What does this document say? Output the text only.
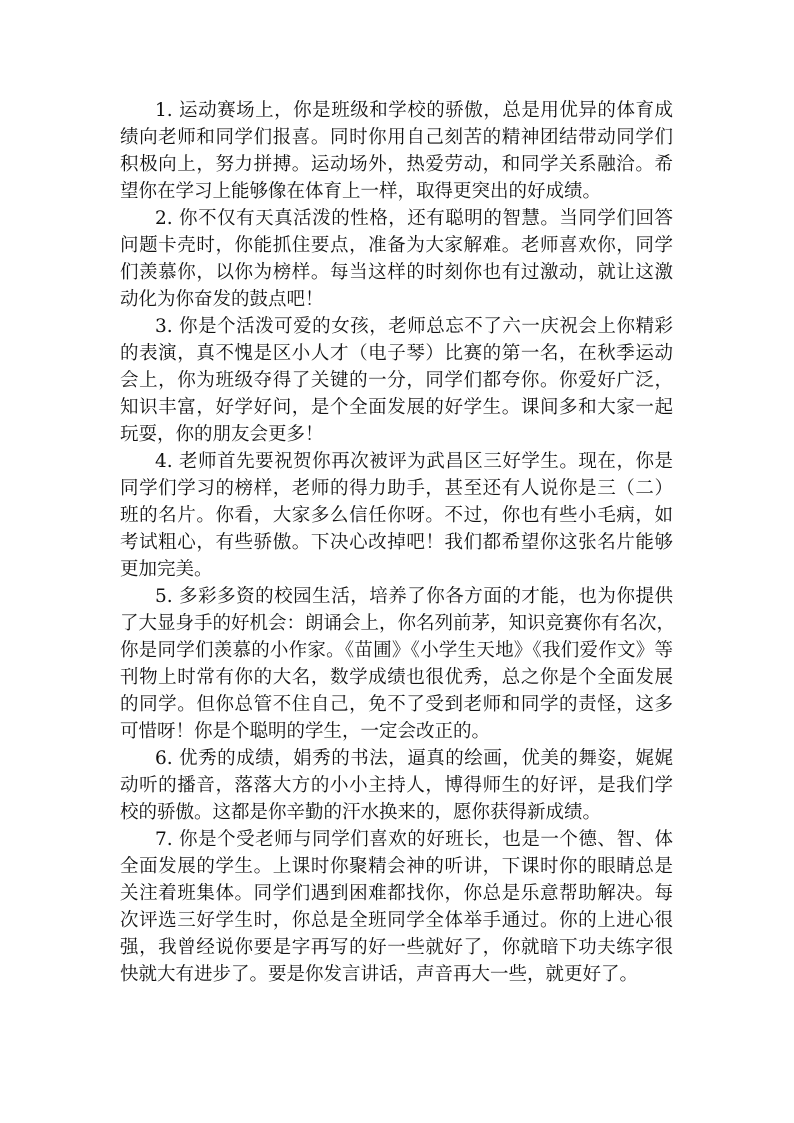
1. 运动赛场上，你是班级和学校的骄傲，总是用优异的体育成
绩向老师和同学们报喜。同时你用自己刻苦的精神团结带动同学们
积极向上，努力拼搏。运动场外，热爱劳动，和同学关系融洽。希
望你在学习上能够像在体育上一样，取得更突出的好成绩。
2. 你不仅有天真活泼的性格，还有聪明的智慧。当同学们回答
问题卡壳时，你能抓住要点，准备为大家解难。老师喜欢你，同学
们羡慕你，以你为榜样。每当这样的时刻你也有过激动，就让这激
动化为你奋发的鼓点吧！
3. 你是个活泼可爱的女孩，老师总忘不了六一庆祝会上你精彩
的表演，真不愧是区小人才（电子琴）比赛的第一名，在秋季运动
会上，你为班级夺得了关键的一分，同学们都夸你。你爱好广泛，
知识丰富，好学好问，是个全面发展的好学生。课间多和大家一起
玩耍，你的朋友会更多！
4. 老师首先要祝贺你再次被评为武昌区三好学生。现在，你是
同学们学习的榜样，老师的得力助手，甚至还有人说你是三（二）
班的名片。你看，大家多么信任你呀。不过，你也有些小毛病，如
考试粗心，有些骄傲。下决心改掉吧！我们都希望你这张名片能够
更加完美。
5. 多彩多资的校园生活，培养了你各方面的才能，也为你提供
了大显身手的好机会：朗诵会上，你名列前茅，知识竞赛你有名次，
你是同学们羡慕的小作家。《苗圃》《小学生天地》《我们爱作文》等
刊物上时常有你的大名，数学成绩也很优秀，总之你是个全面发展
的同学。但你总管不住自己，免不了受到老师和同学的责怪，这多
可惜呀！你是个聪明的学生，一定会改正的。
6. 优秀的成绩，娟秀的书法，逼真的绘画，优美的舞姿，娓娓
动听的播音，落落大方的小小主持人，博得师生的好评，是我们学
校的骄傲。这都是你辛勤的汗水换来的，愿你获得新成绩。
7. 你是个受老师与同学们喜欢的好班长，也是一个德、智、体
全面发展的学生。上课时你聚精会神的听讲，下课时你的眼睛总是
关注着班集体。同学们遇到困难都找你，你总是乐意帮助解决。每
次评选三好学生时，你总是全班同学全体举手通过。你的上进心很
强，我曾经说你要是字再写的好一些就好了，你就暗下功夫练字很
快就大有进步了。要是你发言讲话，声音再大一些，就更好了。
